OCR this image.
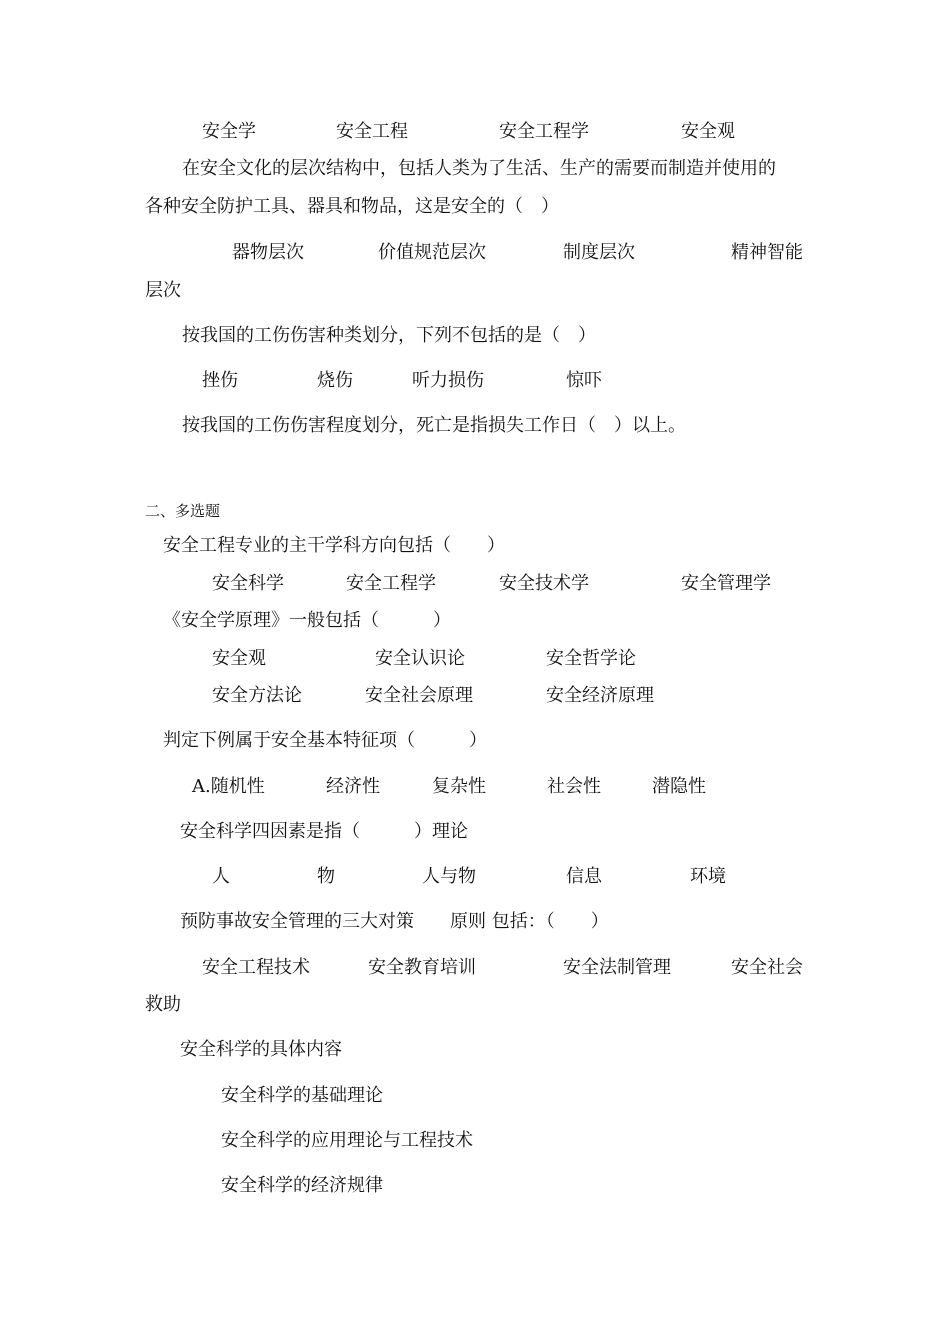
安全学	安全工程	安全工程学	安全观
在安全文化的层次结构中，包括人类为了生活、生产的需要而制造并使用的
各种安全防护工具、器具和物品，这是安全的（　）
器物层次	价值规范层次	制度层次	精神智能
层次
按我国的工伤伤害种类划分，下列不包括的是（　）
挫伤	烧伤	听力损伤	惊吓
按我国的工伤伤害程度划分，死亡是指损失工作日（　）以上。
二、多选题
安全工程专业的主干学科方向包括（　　）
安全科学	安全工程学	安全技术学	安全管理学
《安全学原理》一般包括（　　　）
安全观	安全认识论	安全哲学论
安全方法论	安全社会原理	安全经济原理
判定下例属于安全基本特征项（　　　）
A.随机性	经济性	复杂性	社会性	潜隐性
安全科学四因素是指（　　　）理论
人	物	人与物	信息	环境
预防事故安全管理的三大对策　　原则 包括：（　　）
安全工程技术	安全教育培训	安全法制管理	安全社会
救助
安全科学的具体内容
安全科学的基础理论
安全科学的应用理论与工程技术
安全科学的经济规律
